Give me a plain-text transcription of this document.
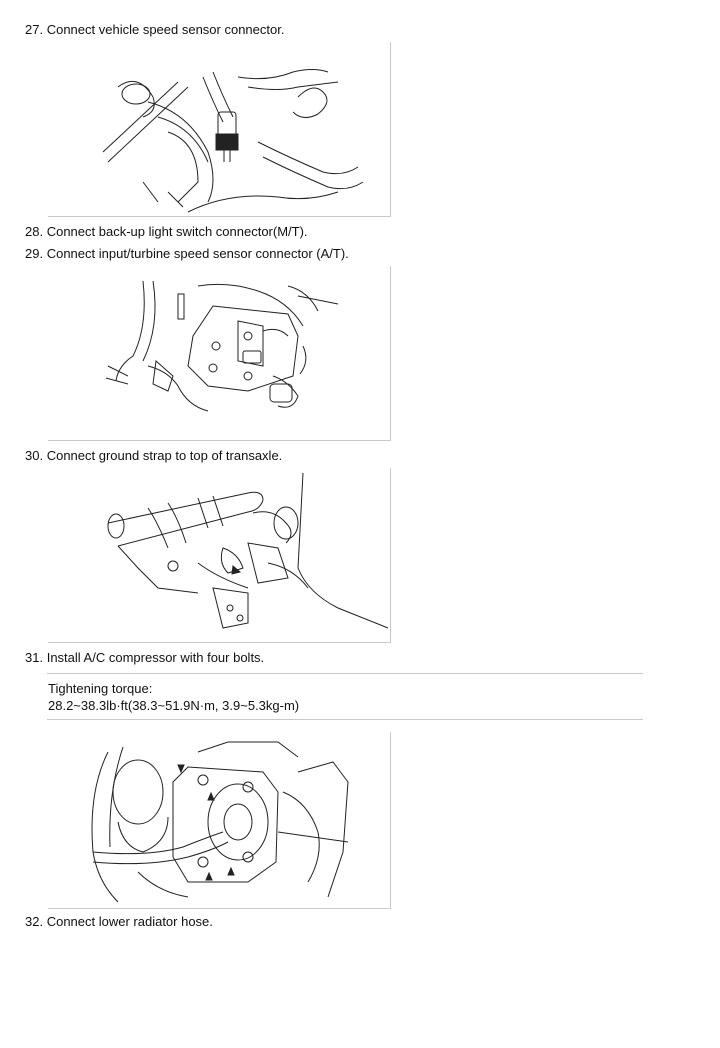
27. Connect vehicle speed sensor connector.
28. Connect back-up light switch connector(M/T).
29. Connect input/turbine speed sensor connector (A/T).
30. Connect ground strap to top of transaxle.
31. Install A/C compressor with four bolts.
Tightening torque:
28.2~38.3lb·ft(38.3~51.9N·m, 3.9~5.3kg-m)
32. Connect lower radiator hose.
